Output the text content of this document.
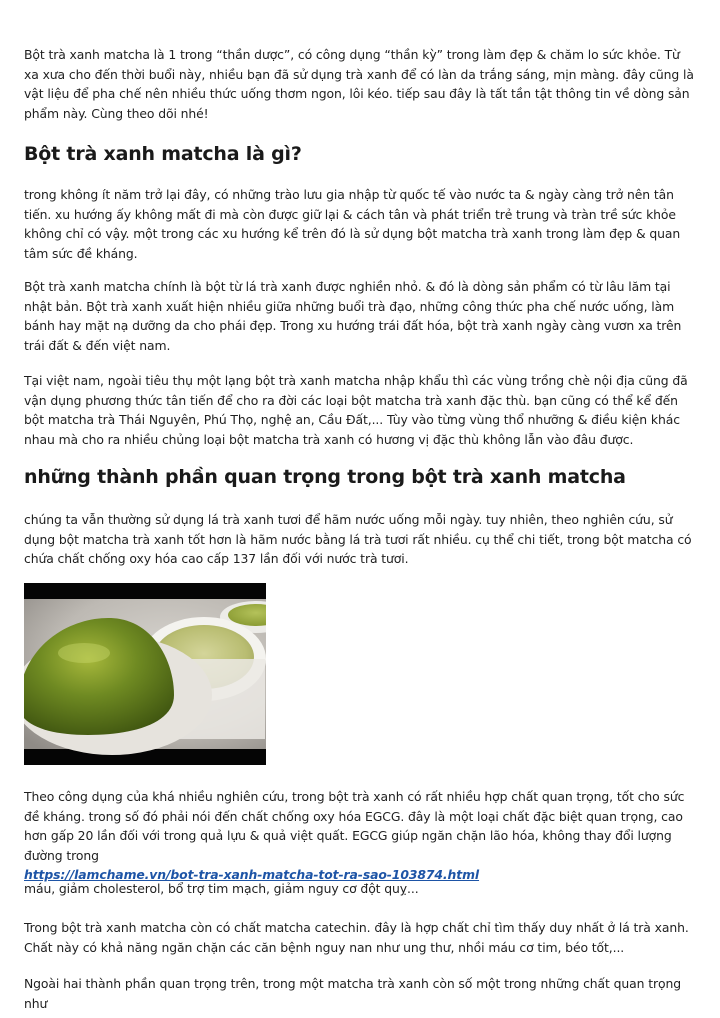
Bột trà xanh matcha là 1 trong “thần dược”, có công dụng “thần kỳ” trong làm đẹp & chăm lo sức khỏe. Từ xa xưa cho đến thời buổi này, nhiều bạn đã sử dụng trà xanh để có làn da trắng sáng, mịn màng. đây cũng là vật liệu để pha chế nên nhiều thức uống thơm ngon, lôi kéo. tiếp sau đây là tất tần tật thông tin về dòng sản phẩm này. Cùng theo dõi nhé!

Bột trà xanh matcha là gì?

trong không ít năm trở lại đây, có những trào lưu gia nhập từ quốc tế vào nước ta & ngày càng trở nên tân tiến. xu hướng ấy không mất đi mà còn được giữ lại & cách tân và phát triển trẻ trung và tràn trề sức khỏe không chỉ có vậy. một trong các xu hướng kể trên đó là sử dụng bột matcha trà xanh trong làm đẹp & quan tâm sức đề kháng.

Bột trà xanh matcha chính là bột từ lá trà xanh được nghiền nhỏ. & đó là dòng sản phẩm có từ lâu lăm tại nhật bản. Bột trà xanh xuất hiện nhiều giữa những buổi trà đạo, những công thức pha chế nước uống, làm bánh hay mặt nạ dưỡng da cho phái đẹp. Trong xu hướng trái đất hóa, bột trà xanh ngày càng vươn xa trên trái đất & đến việt nam.

Tại việt nam, ngoài tiêu thụ một lạng bột trà xanh matcha nhập khẩu thì các vùng trồng chè nội địa cũng đã vận dụng phương thức tân tiến để cho ra đời các loại bột matcha trà xanh đặc thù. bạn cũng có thể kể đến bột matcha trà Thái Nguyên, Phú Thọ, nghệ an, Cầu Đất,... Tùy vào từng vùng thổ nhưỡng & điều kiện khác nhau mà cho ra nhiều chủng loại bột matcha trà xanh có hương vị đặc thù không lẫn vào đâu được.

những thành phần quan trọng trong bột trà xanh matcha

chúng ta vẫn thường sử dụng lá trà xanh tươi để hãm nước uống mỗi ngày. tuy nhiên, theo nghiên cứu, sử dụng bột matcha trà xanh tốt hơn là hãm nước bằng lá trà tươi rất nhiều. cụ thể chi tiết, trong bột matcha có chứa chất chống oxy hóa cao cấp 137 lần đối với nước trà tươi.

Theo công dụng của khá nhiều nghiên cứu, trong bột trà xanh có rất nhiều hợp chất quan trọng, tốt cho sức đề kháng. trong số đó phải nói đến chất chống oxy hóa EGCG. đây là một loại chất đặc biệt quan trọng, cao hơn gấp 20 lần đối với trong quả lựu & quả việt quất. EGCG giúp ngăn chặn lão hóa, không thay đổi lượng đường trong
https://lamchame.vn/bot-tra-xanh-matcha-tot-ra-sao-103874.html

máu, giảm cholesterol, bổ trợ tim mạch, giảm nguy cơ đột quỵ...

Trong bột trà xanh matcha còn có chất matcha catechin. đây là hợp chất chỉ tìm thấy duy nhất ở lá trà xanh. Chất này có khả năng ngăn chặn các căn bệnh nguy nan như ung thư, nhồi máu cơ tim, béo tốt,...

Ngoài hai thành phần quan trọng trên, trong một matcha trà xanh còn số một trong những chất quan trọng như
